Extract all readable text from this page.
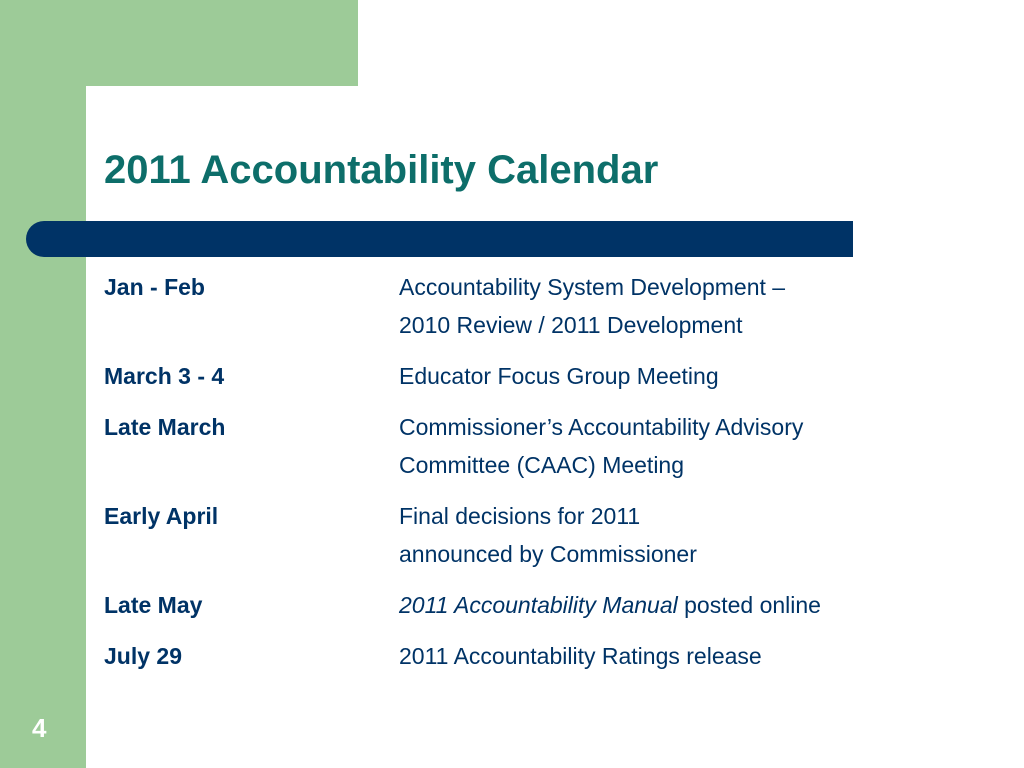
2011 Accountability Calendar
Jan - Feb	Accountability System Development –
2010 Review / 2011 Development
March 3 - 4	Educator Focus Group Meeting
Late March	Commissioner’s Accountability Advisory
Committee (CAAC) Meeting
Early April	Final decisions for 2011
announced by Commissioner
Late May	2011 Accountability Manual posted online
July 29	2011 Accountability Ratings release
4
